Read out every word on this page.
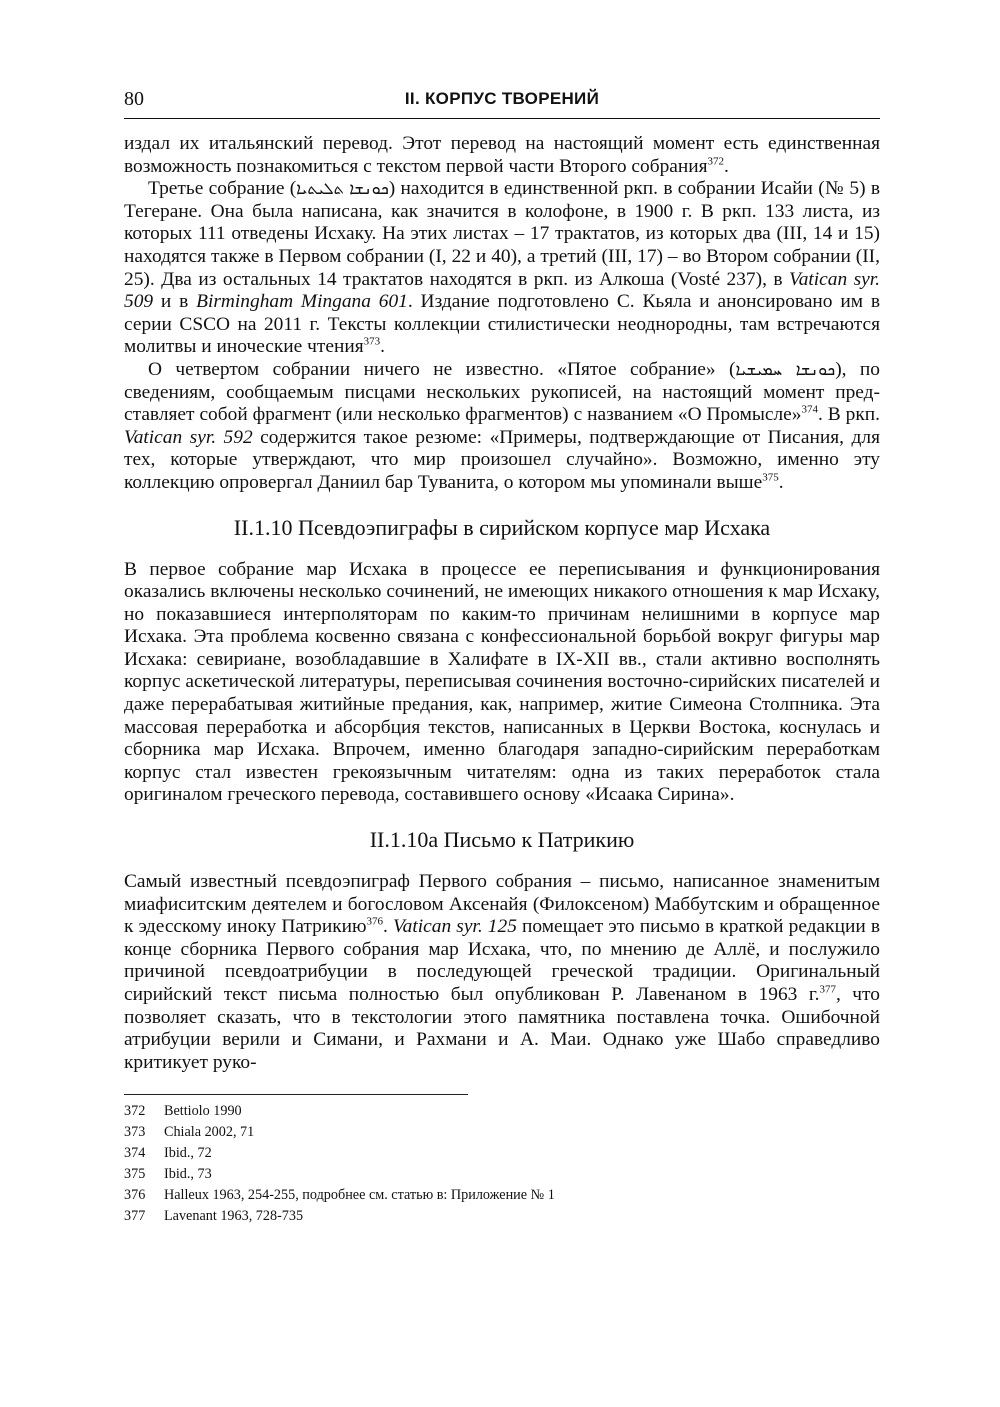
80	II. КОРПУС ТВОРЕНИЙ

издал их итальянский перевод. Этот перевод на настоящий момент есть единственная возможность познакомиться с текстом первой части Второго собрания$^{372}$.

Третье собрание (ܟܘܢܫܐ ܬܠܝܬܝܐ) находится в единственной ркп. в собрании Исайи (№ 5) в Тегеране. Она была написана, как значится в колофоне, в 1900 г. В ркп. 133 листа, из которых 111 отведены Исхаку. На этих листах – 17 трактатов, из которых два (III, 14 и 15) находятся также в Первом собрании (I, 22 и 40), а третий (III, 17) – во Втором собрании (II, 25). Два из остальных 14 трактатов находятся в ркп. из Алкоша (Vosté 237), в Vatican syr. 509 и в Birmingham Mingana 601. Издание подготовлено С. Кьяла и анонсировано им в серии CSCO на 2011 г. Тексты коллекции стилистически неоднородны, там встречаются молитвы и иноческие чтения$^{373}$.

О четвертом собрании ничего не известно. «Пятое собрание» (ܟܘܢܫܐ ܚܡܝܫܝܐ), по сведениям, сообщаемым писцами нескольких рукописей, на настоящий момент представляет собой фрагмент (или несколько фрагментов) с названием «О Промысле»$^{374}$. В ркп. Vatican syr. 592 содержится такое резюме: «Примеры, подтверждающие от Писания, для тех, которые утверждают, что мир произошел случайно». Возможно, именно эту коллекцию опровергал Даниил бар Туванита, о котором мы упоминали выше$^{375}$.

II.1.10 Псевдоэпиграфы в сирийском корпусе мар Исхака

В первое собрание мар Исхака в процессе ее переписывания и функционирования оказались включены несколько сочинений, не имеющих никакого отношения к мар Исхаку, но показавшиеся интерполяторам по каким-то причинам нелишними в корпусе мар Исхака. Эта проблема косвенно связана с конфессиональной борьбой вокруг фигуры мар Исхака: севириане, возобладавшие в Халифате в IX-XII вв., стали активно восполнять корпус аскетической литературы, переписывая сочинения восточно-сирийских писателей и даже перерабатывая житийные предания, как, например, житие Симеона Столпника. Эта массовая переработка и абсорбция текстов, написанных в Церкви Востока, коснулась и сборника мар Исхака. Впрочем, именно благодаря западно-сирийским переработкам корпус стал известен грекоязычным читателям: одна из таких переработок стала оригиналом греческого перевода, составившего основу «Исаака Сирина».

II.1.10а Письмо к Патрикию

Самый известный псевдоэпиграф Первого собрания – письмо, написанное знаменитым миафиситским деятелем и богословом Аксенайя (Филоксеном) Маббутским и обращенное к эдесскому иноку Патрикию$^{376}$. Vatican syr. 125 помещает это письмо в краткой редакции в конце сборника Первого собрания мар Исхака, что, по мнению де Аллё, и послужило причиной псевдоатрибуции в последующей греческой традиции. Оригинальный сирийский текст письма полностью был опубликован Р. Лавенаном в 1963 г.$^{377}$, что позволяет сказать, что в текстологии этого памятника поставлена точка. Ошибочной атрибуции верили и Симани, и Рахмани и А. Маи. Однако уже Шабо справедливо критикует руко-

372	Bettiolo 1990
373	Chiala 2002, 71
374	Ibid., 72
375	Ibid., 73
376	Halleux 1963, 254-255, подробнее см. статью в: Приложение № 1
377	Lavenant 1963, 728-735
